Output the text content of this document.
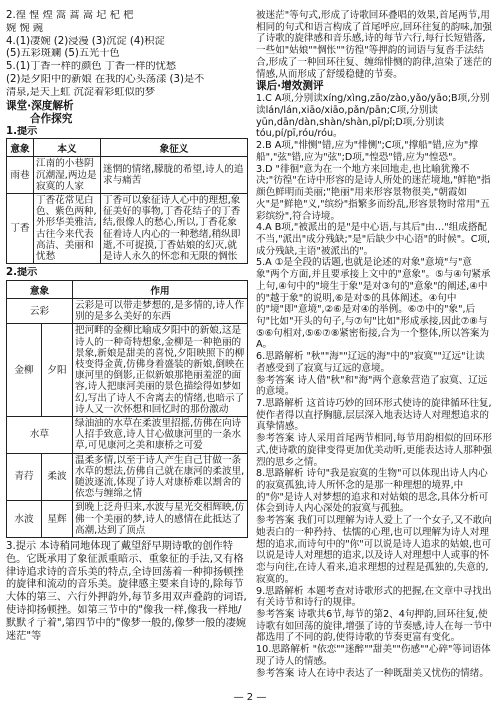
2.徨 惶 煌 篙 蒿 嵩 圮 杞 杷

婉 惋 豌

4.(1)凄婉 (2)浸漫 (3)沉淀 (4)积淀

(5)五彩斑斓 (5)五光十色

5.(1)丁香一样的颜色 丁香一样的忧愁

(2)是夕阳中的新娘 在我的心头荡漾 (3)是不

清泉,是天上虹 沉淀着彩虹似的梦

课堂·深度解析

合作探究

1.提示

意象	本义	象征义
雨巷	江南的小巷阴沉潮湿,两边是寂寞的人家	迷惘的情绪,朦胧的希望,诗人的追求与痛苦
丁香	丁香花常见白色、紫色两种,外形华美雅洁,古往今来代表高洁、美丽和忧愁	丁香可以象征诗人心中的理想,象征美好的事物,丁香花结子的丁香结,很像人的愁心,所以,丁香花象征着诗人内心的一种愁绪,稍纵即逝,不可捉摸,丁香姑娘的幻灭,就是诗人永久的怀恋和无限的惆怅

2.提示

意象		作用
云彩		云彩是可以带走梦想的,是多情的,诗人作别的是多么美好的东西
金柳	夕阳	把河畔的金柳比喻成夕阳中的新娘,这是诗人的一种奇特想象,金柳是一种艳丽的景象,新娘是甜美的喜悦,夕阳映照下的柳枝变得金黄,仿佛身着盛装的新娘,倒映在康河里的倒影,正似新娘那艳丽羞涩的面容,诗人把康河美丽的景色描绘得如梦如幻,写出了诗人不舍离去的情绪,也暗示了诗人又一次怀想和回忆时的那份激动
水草		绿油油的水草在柔波里招摇,仿佛在向诗人招手致意,诗人甘心做康河里的一条水草,可见康河之美和康桥之可爱
青荇	柔波	温柔多情,以至于诗人产生自己甘做一条水草的想法,仿佛自己就在康河的柔波里,随波逐流,体现了诗人对康桥难以割舍的依恋与缠绵之情
水波	星辉	到晚上泛舟归来,水波与星光交相辉映,仿佛一个美丽的梦,诗人的感情在此抵达了高潮,达到了顶点

3.提示 本诗稍同地体现了戴望舒早期诗歌的创作特色。它既承用了象征派重暗示、重象征的手法,又有格律诗追求诗的音乐美的特点,全诗回荡着一种抑扬顿挫的旋律和流动的音乐美。旋律感主要来自诗的,除每节大体的第三、六行外押韵外,每节多用双声叠韵的词语,使诗抑扬顿挫。如第三节中的"像我一样,像我一样地/默默彳亍着",第四节中的"像梦一般的,像梦一般的凄婉迷茫"等

被迷茫"等句式,形成了诗歌回环叠唱的效果,首尾两节,用相同的句式和语言构成了首尾呼应,回环往复的韵味,加强了诗歌的旋律感和音乐感,诗的每节六行,每行长短错落,一些如"姑娘""惆怅""彷徨"等押韵的词语与复沓手法结合,形成了一种回环往复、缠绵悱恻的韵律,渲染了迷茫的情感,从而形成了舒缓稳健的节奏。

课后·增效测评

1.C A项,分别读xíng/xìng,zāo/zào,yǎo/yāo;B项,分别读lán/lán,xiāo/xiāo,pǎn/pān;C项,分别读yūn,dān/dàn,shàn/shàn,pī/pǐ;D项,分别读tóu,pí/pī,róu/róu。

2.B A项,"悱恻"错,应为"悱恻";C项,"撑船"错,应为"撑船","弦"错,应为"弦";D项,"惶恐"错,应为"惶恐"。

3.D "徘徊"意为在一个地方来回地走,也比喻犹豫不决;"彷徨"在诗中形容的是诗人所处的迷茫境地,"鲜艳"指颜色鲜明而美丽;"艳丽"用来形容景物很美,"朝霞如火"是"鲜艳"义,"缤纷"指繁多而纷乱,形容景物时常用"五彩缤纷",符合诗境。

4.A B项,"被派出的是"是中心语,与其后"由…"组成搭配不当,"派出"成分残缺;"是"后缺少中心语"的时候"。C项,成分残缺,主语"被派出的"。

5.A ①是全段的话题,也就是论述的对象"意境"与"意象"两个方面,并且要承接上文中的"意象"。⑤与④句紧承上句,④句中的"境生于象"是对③句的"意象"的阐述,④中的"越于象"的说明,⑥是对⑤的具体阐述。④句中的"境"即"意境",②⑥是对④的举例。⑥⑦中的"象",后句"比如"开头的句子,与⑦句"比如"形成承接,因此⑦⑧与⑤⑥句相对,⑤⑥⑦⑧紧密衔接,合为一个整体,所以答案为A。

6.思路解析 "秋""海""辽远的海"中的"寂寞""辽远"让读者感受到了寂寞与辽远的意境。

参考答案 诗人借"秋"和"海"两个意象营造了寂寞、辽远的意境。

7.思路解析 这首诗巧妙的回环形式使诗的旋律循环往复,使作者得以直抒胸臆,层层深入地表达诗人对理想追求的真挚情感。

参考答案 诗人采用首尾两节相同,每节用韵相似的回环形式,使诗歌的旋律变得更加优美动听,更能表达诗人那种强烈的思乡之情。

8.思路解析 诗句"我是寂寞的生物"可以体现出诗人内心的寂寞孤独,诗人所怀念的是那一种理想的境界,中的"你"是诗人对梦想的追求和对姑娘的思念,具体分析可体会到诗人内心深处的寂寞与孤独。

参考答案 我们可以理解为诗人爱上了一个女子,又不敢向她表白的一种矜持、怯懦的心理,也可以理解为诗人对理想的追求,而诗句中的"你"可以说是诗人追求的姑娘,也可以说是诗人对理想的追求,以及诗人对理想中人或事的怀恋与向往,在诗人看来,追求理想的过程是孤独的,失意的,寂寞的。

9.思路解析 本题考查对诗歌形式的把握,在文章中寻找出有关诗节和诗行的规律。

参考答案 诗歌共6节,每节的第2、4句押韵,回环往复,使诗歌有如回荡的旋律,增强了诗的节奏感,诗人在每一节中都选用了不同的韵,使得诗歌的节奏更富有变化。

10.思路解析 "依恋""迷醉""甜美""伤感""心碎"等词语体现了诗人的情感。

参考答案 诗人在诗中表达了一种既甜美又忧伤的情绪。

— 2 —
